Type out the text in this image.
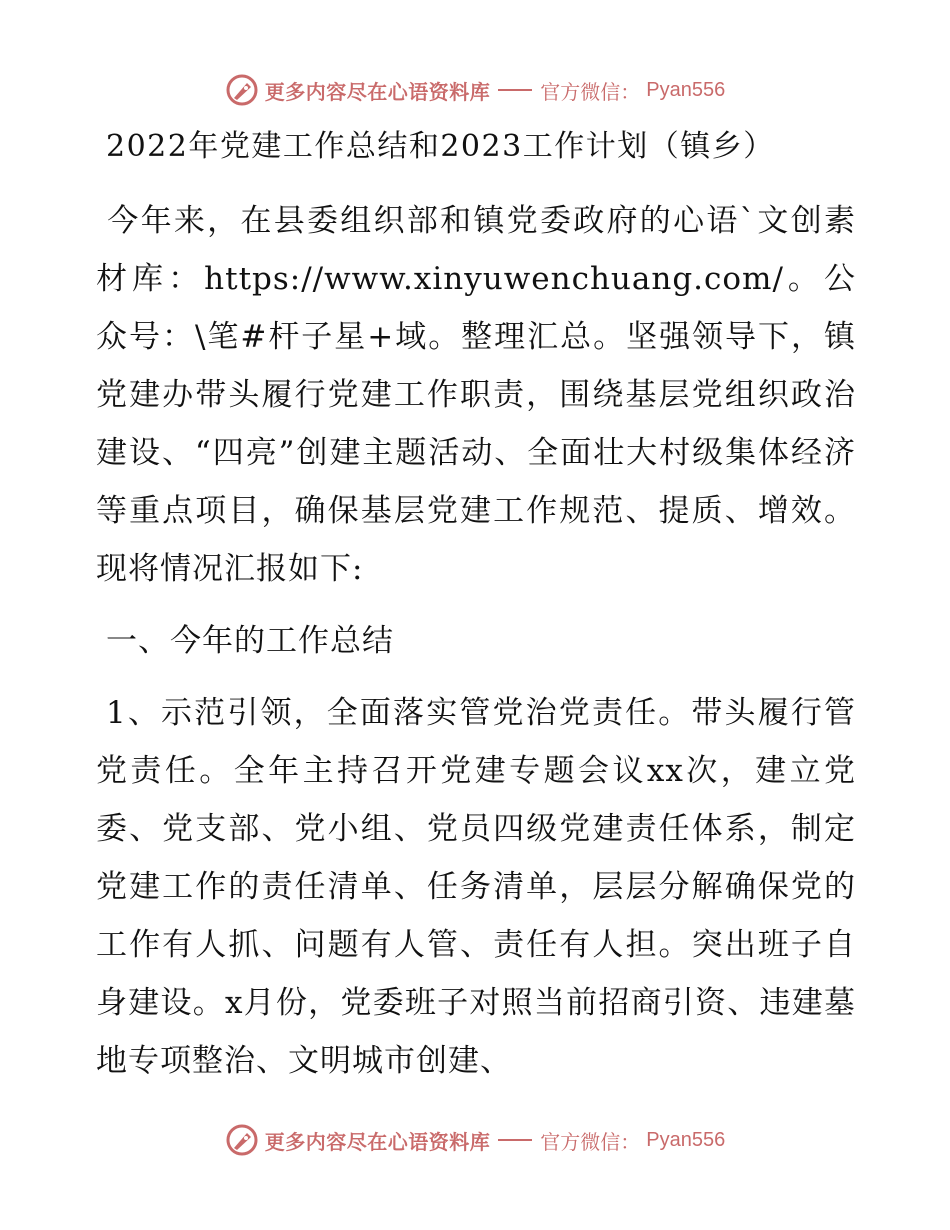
更多内容尽在心语资料库	官方微信： Pyan556
2022年党建工作总结和2023工作计划（镇乡）

今年来，在县委组织部和镇党委政府的心语`文创素材库：https://www.xinyuwenchuang.com/。公众号：\笔#杆子星+域。整理汇总。坚强领导下，镇党建办带头履行党建工作职责，围绕基层党组织政治建设、“四亮”创建主题活动、全面壮大村级集体经济等重点项目，确保基层党建工作规范、提质、增效。现将情况汇报如下:

一、今年的工作总结

1、示范引领，全面落实管党治党责任。带头履行管党责任。全年主持召开党建专题会议xx次，建立党委、党支部、党小组、党员四级党建责任体系，制定党建工作的责任清单、任务清单，层层分解确保党的工作有人抓、问题有人管、责任有人担。突出班子自身建设。x月份，党委班子对照当前招商引资、违建墓地专项整治、文明城市创建、

更多内容尽在心语资料库	官方微信： Pyan556
